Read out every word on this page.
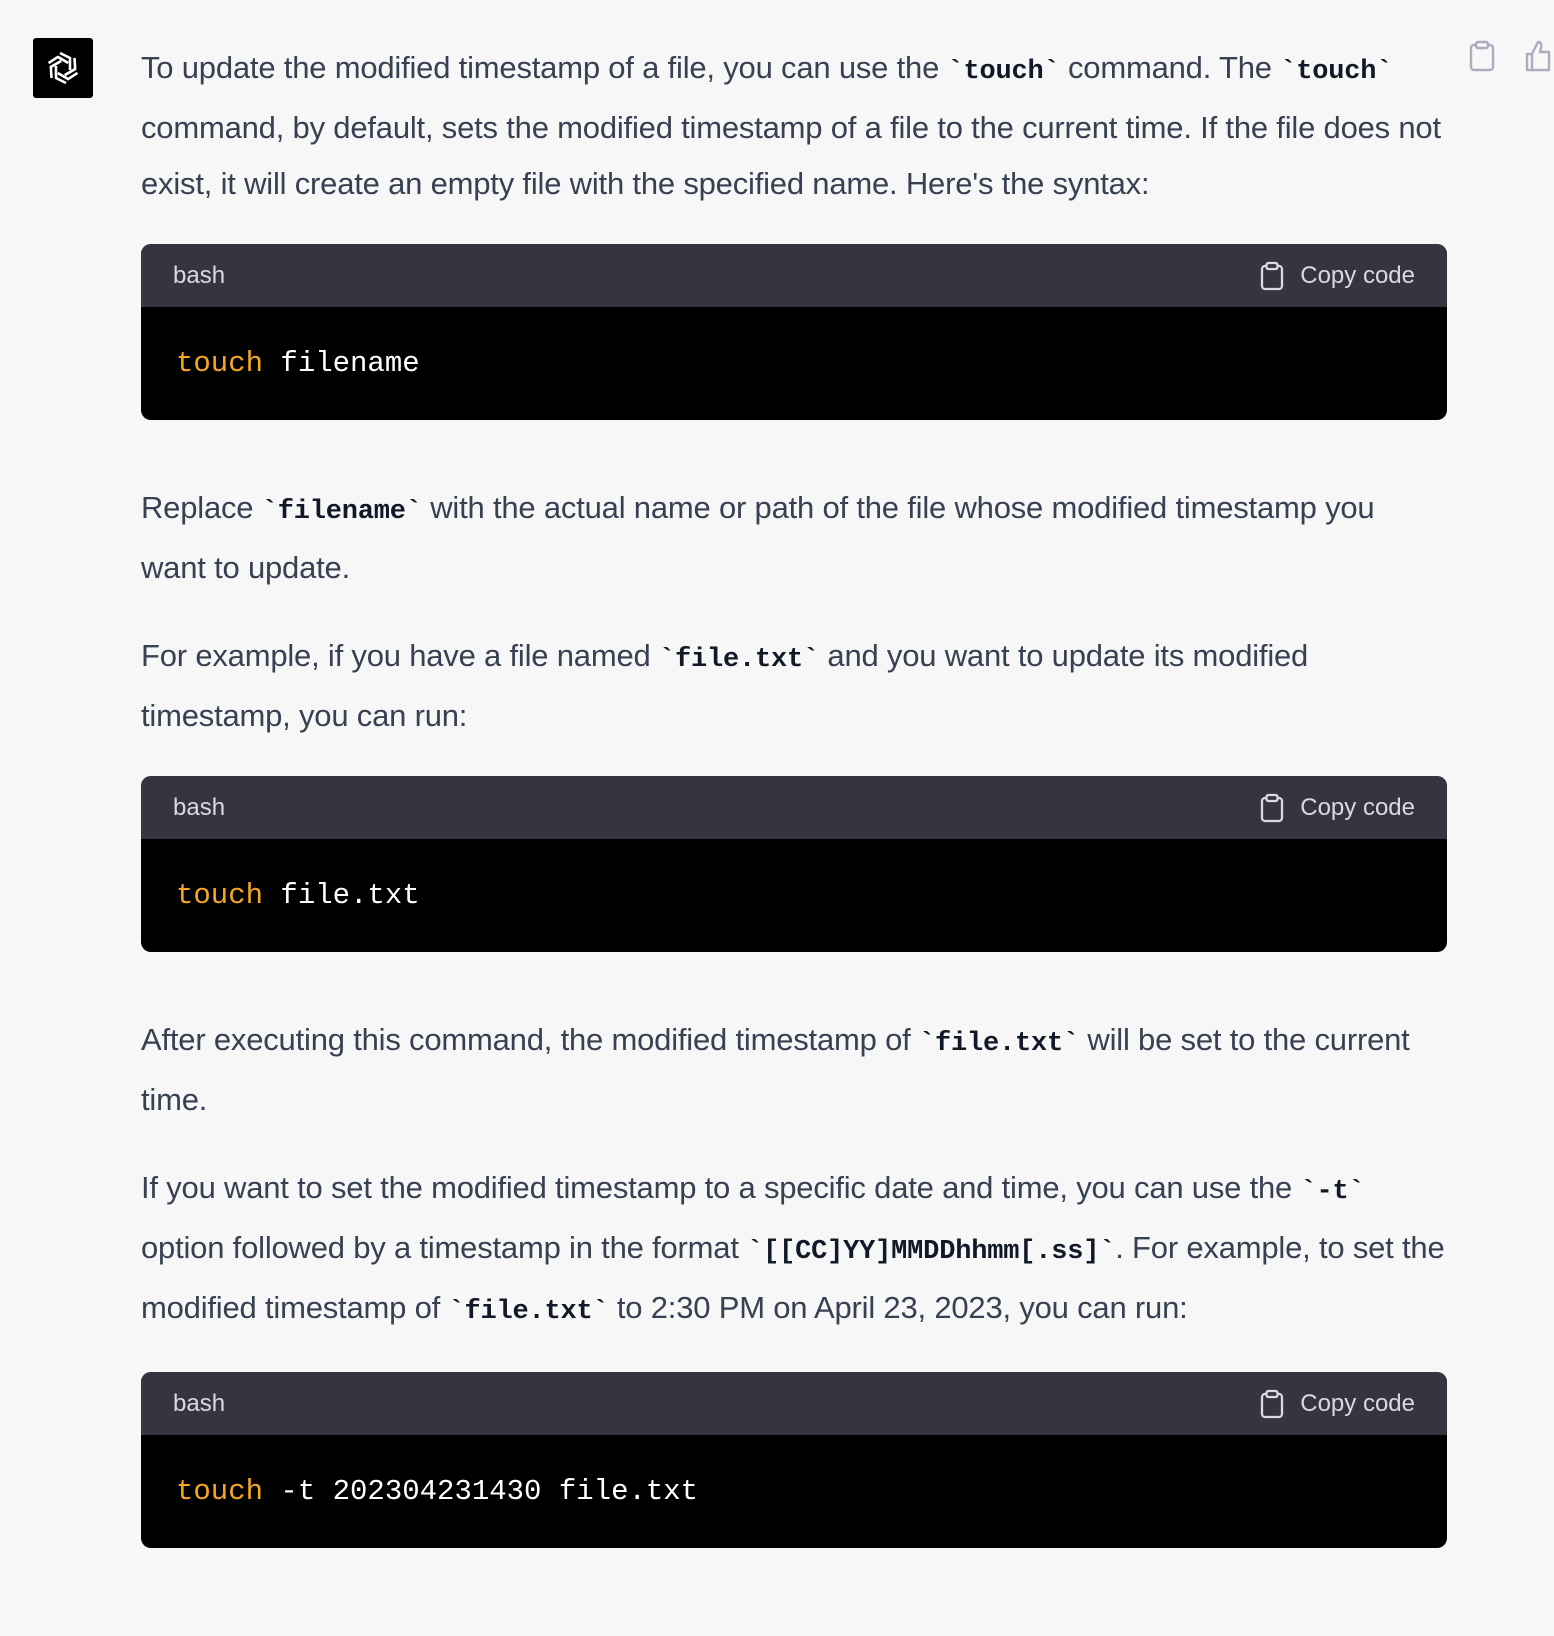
To update the modified timestamp of a file, you can use the `touch` command. The `touch` command, by default, sets the modified timestamp of a file to the current time. If the file does not exist, it will create an empty file with the specified name. Here's the syntax:

bash	Copy code
touch filename

Replace `filename` with the actual name or path of the file whose modified timestamp you want to update.

For example, if you have a file named `file.txt` and you want to update its modified timestamp, you can run:

bash	Copy code
touch file.txt

After executing this command, the modified timestamp of `file.txt` will be set to the current time.

If you want to set the modified timestamp to a specific date and time, you can use the `-t` option followed by a timestamp in the format `[[CC]YY]MMDDhhmm[.ss]`. For example, to set the modified timestamp of `file.txt` to 2:30 PM on April 23, 2023, you can run:

bash	Copy code
touch -t 202304231430 file.txt
